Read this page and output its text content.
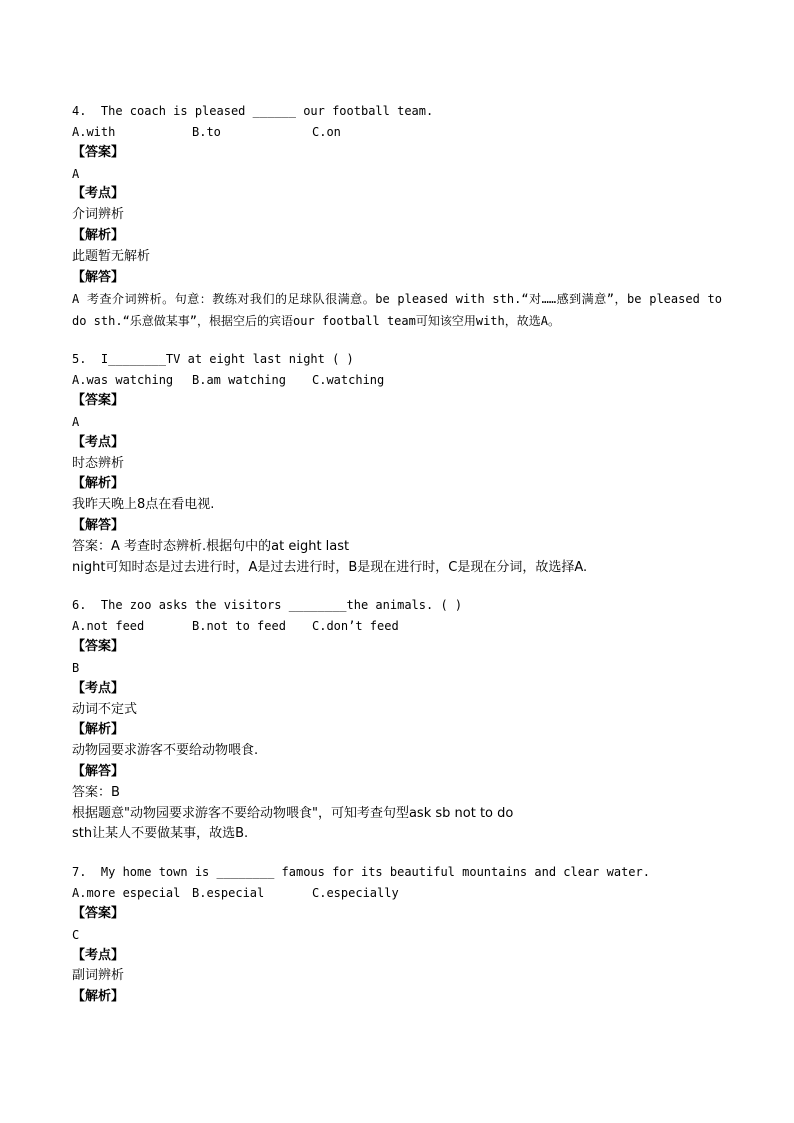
4.  The coach is pleased ______ our football team.
A.with	B.to	C.on
【答案】
A
【考点】
介词辨析
【解析】
此题暂无解析
【解答】
A 考查介词辨析。句意：教练对我们的足球队很满意。be pleased with sth.“对……感到满意”，be pleased to do sth.“乐意做某事”，根据空后的宾语our football team可知该空用with，故选A。
5.  I________TV at eight last night ( )
A.was watching B.am watching C.watching
【答案】
A
【考点】
时态辨析
【解析】
我昨天晚上8点在看电视.
【解答】
答案：A 考查时态辨析.根据句中的at eight last
night可知时态是过去进行时，A是过去进行时，B是现在进行时，C是现在分词，故选择A.
6.  The zoo asks the visitors ________the animals. ( )
A.not feed	B.not to feed C.don’t feed
【答案】
B
【考点】
动词不定式
【解析】
动物园要求游客不要给动物喂食.
【解答】
答案：B
根据题意"动物园要求游客不要给动物喂食"，可知考查句型ask sb not to do
sth让某人不要做某事，故选B.
7.  My home town is ________ famous for its beautiful mountains and clear water.
A.more especial B.especial	C.especially
【答案】
C
【考点】
副词辨析
【解析】
